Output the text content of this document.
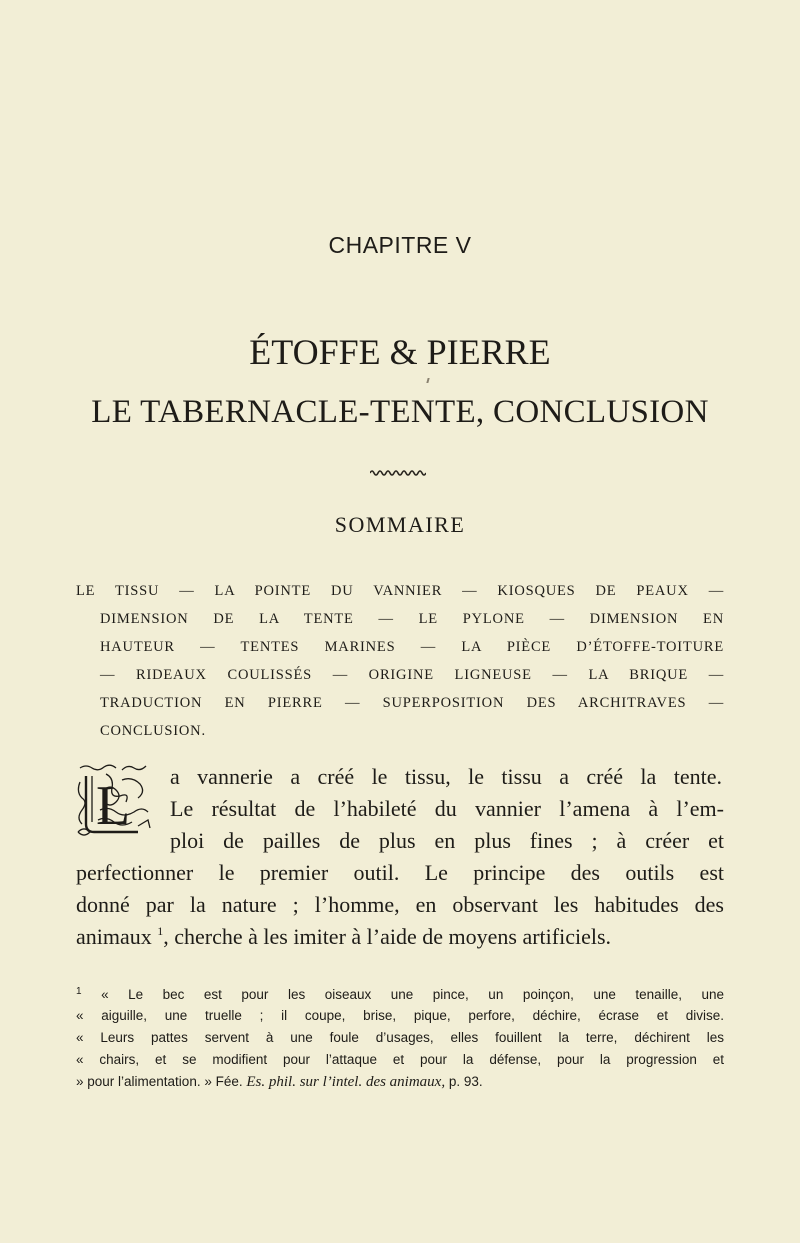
CHAPITRE V
ÉTOFFE & PIERRE
LE TABERNACLE-TENTE, CONCLUSION
SOMMAIRE
LE TISSU — LA POINTE DU VANNIER — KIOSQUES DE PEAUX —
DIMENSION DE LA TENTE — LE PYLONE — DIMENSION EN
HAUTEUR — TENTES MARINES — LA PIÈCE D’ÉTOFFE-TOITURE
— RIDEAUX COULISSÉS — ORIGINE LIGNEUSE — LA BRIQUE —
TRADUCTION EN PIERRE — SUPERPOSITION DES ARCHITRAVES —
CONCLUSION.
L a vannerie a créé le tissu, le tissu a créé la tente.
Le résultat de l’habileté du vannier l’amena à l’em-
ploi de pailles de plus en plus fines ; à créer et
perfectionner le premier outil. Le principe des outils est
donné par la nature ; l’homme, en observant les habitudes des
animaux $^1$, cherche à les imiter à l’aide de moyens artificiels.
$^1$ « Le bec est pour les oiseaux une pince, un poinçon, une tenaille, une
« aiguille, une truelle ; il coupe, brise, pique, perfore, déchire, écrase et divise.
« Leurs pattes servent à une foule d’usages, elles fouillent la terre, déchirent les
« chairs, et se modifient pour l’attaque et pour la défense, pour la progression et
» pour l’alimentation. » Fée. Es. phil. sur l’intel. des animaux, p. 93.
